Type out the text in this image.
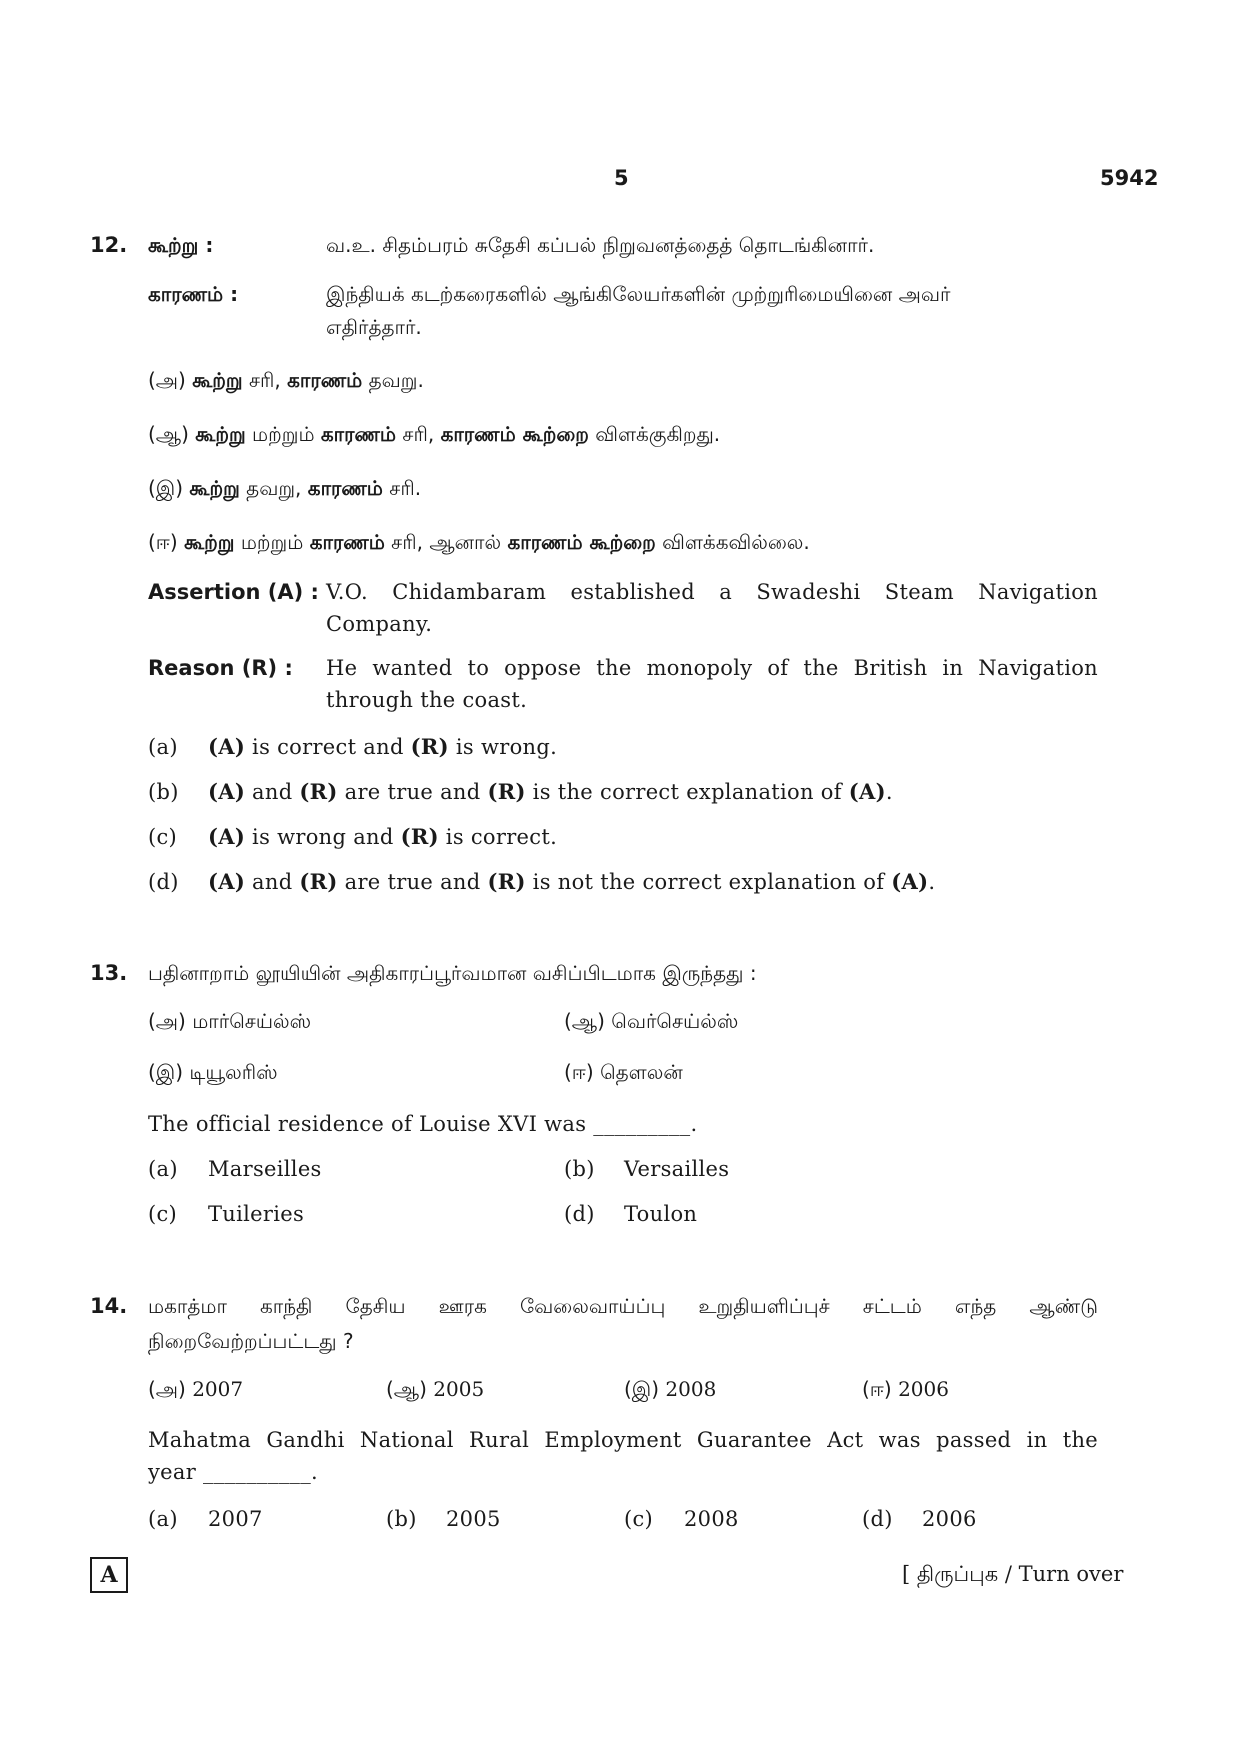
5	5942
12. கூற்று :	வ.உ. சிதம்பரம் சுதேசி கப்பல் நிறுவனத்தைத் தொடங்கினார்.
காரணம் :	இந்தியக் கடற்கரைகளில் ஆங்கிலேயர்களின் முற்றுரிமையினை அவர்
எதிர்த்தார்.
(அ) கூற்று சரி, காரணம் தவறு.
(ஆ) கூற்று மற்றும் காரணம் சரி, காரணம் கூற்றை விளக்குகிறது.
(இ) கூற்று தவறு, காரணம் சரி.
(ஈ) கூற்று மற்றும் காரணம் சரி, ஆனால் காரணம் கூற்றை விளக்கவில்லை.
Assertion (A) : V.O. Chidambaram established a Swadeshi Steam Navigation
Company.
Reason (R) : He wanted to oppose the monopoly of the British in Navigation
through the coast.
(a) (A) is correct and (R) is wrong.
(b) (A) and (R) are true and (R) is the correct explanation of (A).
(c) (A) is wrong and (R) is correct.
(d) (A) and (R) are true and (R) is not the correct explanation of (A).
13. பதினாறாம் லூயியின் அதிகாரப்பூர்வமான வசிப்பிடமாக இருந்தது :
(அ) மார்செய்ல்ஸ்	(ஆ) வெர்செய்ல்ஸ்
(இ) டியூலரிஸ்	(ஈ) தௌலன்
The official residence of Louise XVI was _________.
(a) Marseilles	(b) Versailles
(c) Tuileries	(d) Toulon
14. மகாத்மா காந்தி தேசிய ஊரக வேலைவாய்ப்பு உறுதியளிப்புச் சட்டம் எந்த ஆண்டு
நிறைவேற்றப்பட்டது ?
(அ) 2007	(ஆ) 2005	(இ) 2008	(ஈ) 2006
Mahatma Gandhi National Rural Employment Guarantee Act was passed in the
year __________.
(a) 2007	(b) 2005	(c) 2008	(d) 2006
A	[ திருப்புக / Turn over
